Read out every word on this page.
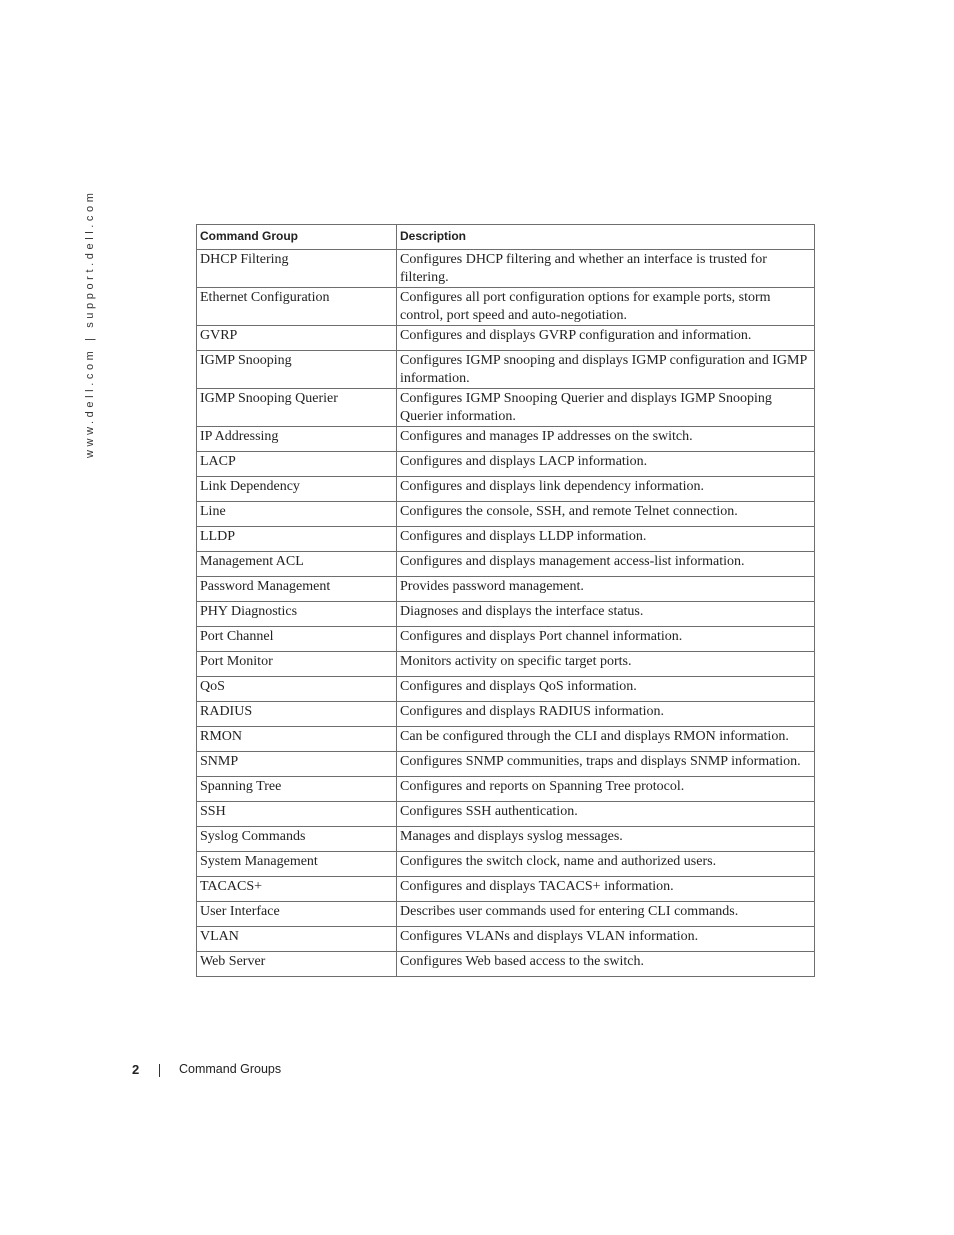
www.dell.com | support.dell.com	Command Group	Description
DHCP Filtering	Configures DHCP filtering and whether an interface is trusted for filtering.
Ethernet Configuration	Configures all port configuration options for example ports, storm control, port speed and auto-negotiation.
GVRP	Configures and displays GVRP configuration and information.
IGMP Snooping	Configures IGMP snooping and displays IGMP configuration and IGMP information.
IGMP Snooping Querier	Configures IGMP Snooping Querier and displays IGMP Snooping Querier information.
IP Addressing	Configures and manages IP addresses on the switch.
LACP	Configures and displays LACP information.
Link Dependency	Configures and displays link dependency information.
Line	Configures the console, SSH, and remote Telnet connection.
LLDP	Configures and displays LLDP information.
Management ACL	Configures and displays management access-list information.
Password Management	Provides password management.
PHY Diagnostics	Diagnoses and displays the interface status.
Port Channel	Configures and displays Port channel information.
Port Monitor	Monitors activity on specific target ports.
QoS	Configures and displays QoS information.
RADIUS	Configures and displays RADIUS information.
RMON	Can be configured through the CLI and displays RMON information.
SNMP	Configures SNMP communities, traps and displays SNMP information.
Spanning Tree	Configures and reports on Spanning Tree protocol.
SSH	Configures SSH authentication.
Syslog Commands	Manages and displays syslog messages.
System Management	Configures the switch clock, name and authorized users.
TACACS+	Configures and displays TACACS+ information.
User Interface	Describes user commands used for entering CLI commands.
VLAN	Configures VLANs and displays VLAN information.
Web Server	Configures Web based access to the switch.
2	Command Groups
